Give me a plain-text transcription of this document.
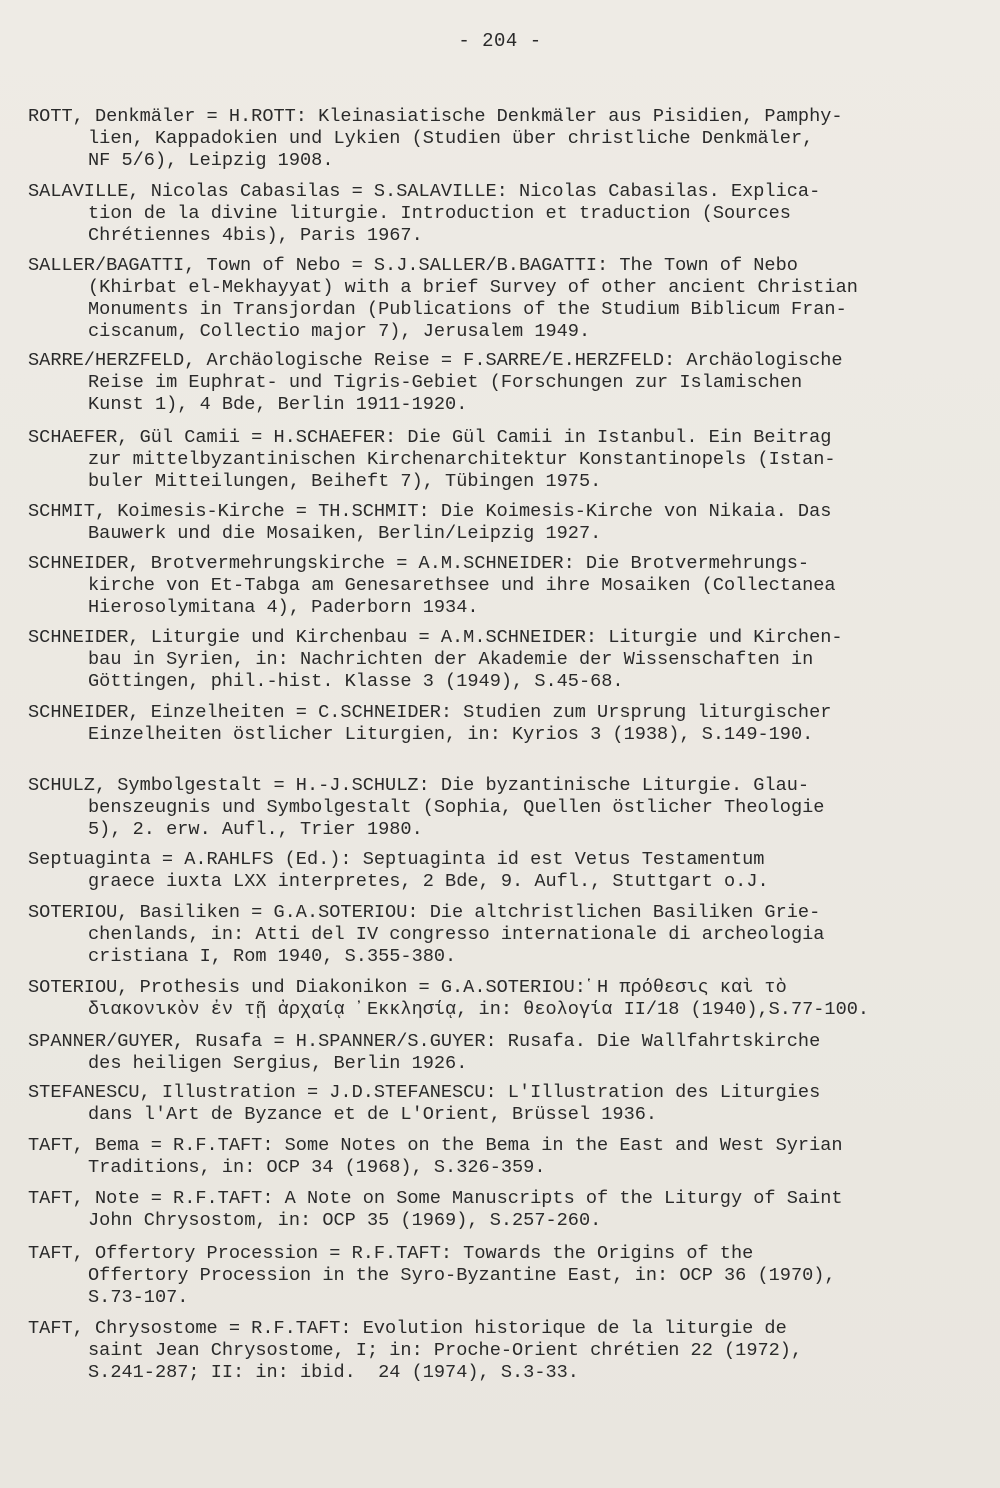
- 204 -
ROTT, Denkmäler = H.ROTT: Kleinasiatische Denkmäler aus Pisidien, Pamphy-
lien, Kappadokien und Lykien (Studien über christliche Denkmäler,
NF 5/6), Leipzig 1908.
SALAVILLE, Nicolas Cabasilas = S.SALAVILLE: Nicolas Cabasilas. Explica-
tion de la divine liturgie. Introduction et traduction (Sources
Chrétiennes 4bis), Paris 1967.
SALLER/BAGATTI, Town of Nebo = S.J.SALLER/B.BAGATTI: The Town of Nebo
(Khirbat el-Mekhayyat) with a brief Survey of other ancient Christian
Monuments in Transjordan (Publications of the Studium Biblicum Fran-
ciscanum, Collectio major 7), Jerusalem 1949.
SARRE/HERZFELD, Archäologische Reise = F.SARRE/E.HERZFELD: Archäologische
Reise im Euphrat- und Tigris-Gebiet (Forschungen zur Islamischen
Kunst 1), 4 Bde, Berlin 1911-1920.
SCHAEFER, Gül Camii = H.SCHAEFER: Die Gül Camii in Istanbul. Ein Beitrag
zur mittelbyzantinischen Kirchenarchitektur Konstantinopels (Istan-
buler Mitteilungen, Beiheft 7), Tübingen 1975.
SCHMIT, Koimesis-Kirche = TH.SCHMIT: Die Koimesis-Kirche von Nikaia. Das
Bauwerk und die Mosaiken, Berlin/Leipzig 1927.
SCHNEIDER, Brotvermehrungskirche = A.M.SCHNEIDER: Die Brotvermehrungs-
kirche von Et-Tabga am Genesarethsee und ihre Mosaiken (Collectanea
Hierosolymitana 4), Paderborn 1934.
SCHNEIDER, Liturgie und Kirchenbau = A.M.SCHNEIDER: Liturgie und Kirchen-
bau in Syrien, in: Nachrichten der Akademie der Wissenschaften in
Göttingen, phil.-hist. Klasse 3 (1949), S.45-68.
SCHNEIDER, Einzelheiten = C.SCHNEIDER: Studien zum Ursprung liturgischer
Einzelheiten östlicher Liturgien, in: Kyrios 3 (1938), S.149-190.
SCHULZ, Symbolgestalt = H.-J.SCHULZ: Die byzantinische Liturgie. Glau-
benszeugnis und Symbolgestalt (Sophia, Quellen östlicher Theologie
5), 2. erw. Aufl., Trier 1980.
Septuaginta = A.RAHLFS (Ed.): Septuaginta id est Vetus Testamentum
graece iuxta LXX interpretes, 2 Bde, 9. Aufl., Stuttgart o.J.
SOTERIOU, Basiliken = G.A.SOTERIOU: Die altchristlichen Basiliken Grie-
chenlands, in: Atti del IV congresso internationale di archeologia
cristiana I, Rom 1940, S.355-380.
SOTERIOU, Prothesis und Diakonikon = G.A.SOTERIOU:῾Η πρόθεσις καὶ τὸ
διακονικὸν ἐν τῇ ἀρχαίᾳ ᾿Εκκλησίᾳ, in: θεολογία II/18 (1940),S.77-100.
SPANNER/GUYER, Rusafa = H.SPANNER/S.GUYER: Rusafa. Die Wallfahrtskirche
des heiligen Sergius, Berlin 1926.
STEFANESCU, Illustration = J.D.STEFANESCU: L'Illustration des Liturgies
dans l'Art de Byzance et de L'Orient, Brüssel 1936.
TAFT, Bema = R.F.TAFT: Some Notes on the Bema in the East and West Syrian
Traditions, in: OCP 34 (1968), S.326-359.
TAFT, Note = R.F.TAFT: A Note on Some Manuscripts of the Liturgy of Saint
John Chrysostom, in: OCP 35 (1969), S.257-260.
TAFT, Offertory Procession = R.F.TAFT: Towards the Origins of the
Offertory Procession in the Syro-Byzantine East, in: OCP 36 (1970),
S.73-107.
TAFT, Chrysostome = R.F.TAFT: Evolution historique de la liturgie de
saint Jean Chrysostome, I; in: Proche-Orient chrétien 22 (1972),
S.241-287; II: in: ibid.  24 (1974), S.3-33.
